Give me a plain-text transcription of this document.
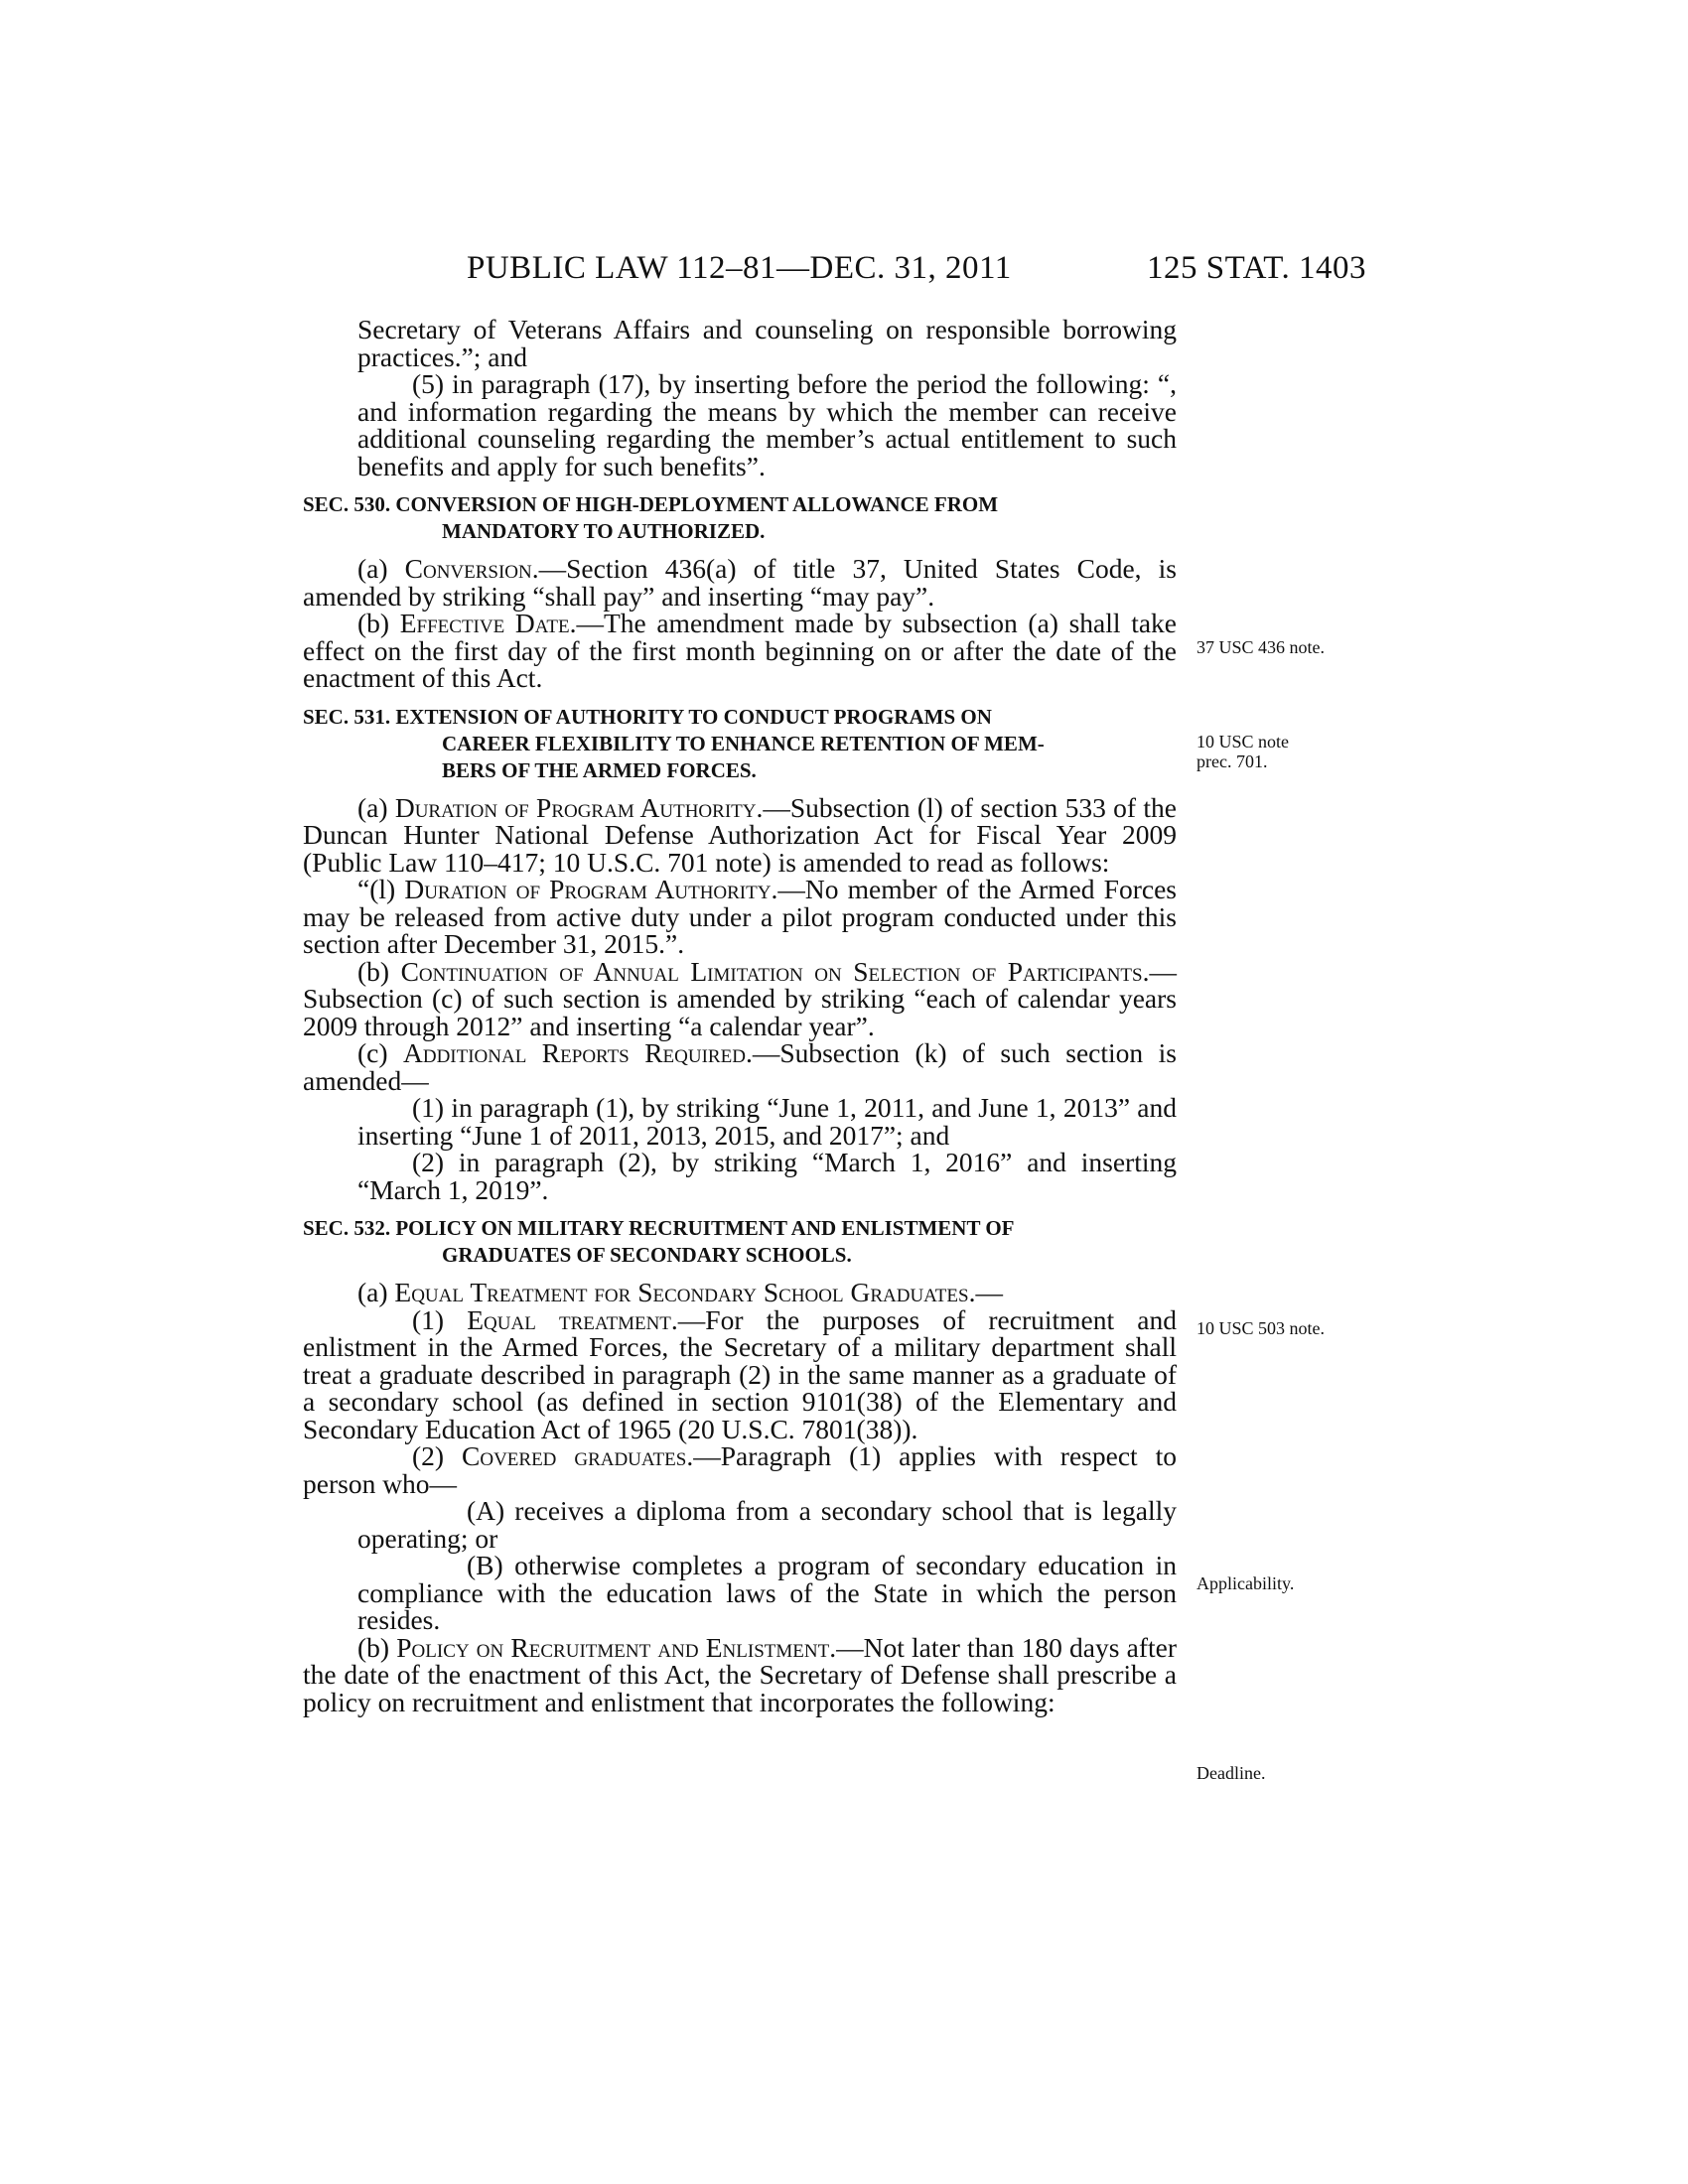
PUBLIC LAW 112–81—DEC. 31, 2011	125 STAT. 1403
37 USC 436 note.
10 USC note
prec. 701.
10 USC 503 note.
Applicability.
Deadline.

Secretary of Veterans Affairs and counseling on responsible borrowing practices.”; and

(5) in paragraph (17), by inserting before the period the following: “, and information regarding the means by which the member can receive additional counseling regarding the member’s actual entitlement to such benefits and apply for such benefits”.

SEC. 530. CONVERSION OF HIGH-DEPLOYMENT ALLOWANCE FROM
MANDATORY TO AUTHORIZED.

(a) Conversion.—Section 436(a) of title 37, United States Code, is amended by striking “shall pay” and inserting “may pay”.

(b) Effective Date.—The amendment made by subsection (a) shall take effect on the first day of the first month beginning on or after the date of the enactment of this Act.

SEC. 531. EXTENSION OF AUTHORITY TO CONDUCT PROGRAMS ON
CAREER FLEXIBILITY TO ENHANCE RETENTION OF MEM-
BERS OF THE ARMED FORCES.

(a) Duration of Program Authority.—Subsection (l) of section 533 of the Duncan Hunter National Defense Authorization Act for Fiscal Year 2009 (Public Law 110–417; 10 U.S.C. 701 note) is amended to read as follows:

“(l) Duration of Program Authority.—No member of the Armed Forces may be released from active duty under a pilot program conducted under this section after December 31, 2015.”.

(b) Continuation of Annual Limitation on Selection of Participants.—Subsection (c) of such section is amended by striking “each of calendar years 2009 through 2012” and inserting “a calendar year”.

(c) Additional Reports Required.—Subsection (k) of such section is amended—

(1) in paragraph (1), by striking “June 1, 2011, and June 1, 2013” and inserting “June 1 of 2011, 2013, 2015, and 2017”; and

(2) in paragraph (2), by striking “March 1, 2016” and inserting “March 1, 2019”.

SEC. 532. POLICY ON MILITARY RECRUITMENT AND ENLISTMENT OF
GRADUATES OF SECONDARY SCHOOLS.

(a) Equal Treatment for Secondary School Graduates.—

(1) Equal treatment.—For the purposes of recruitment and enlistment in the Armed Forces, the Secretary of a military department shall treat a graduate described in paragraph (2) in the same manner as a graduate of a secondary school (as defined in section 9101(38) of the Elementary and Secondary Education Act of 1965 (20 U.S.C. 7801(38)).

(2) Covered graduates.—Paragraph (1) applies with respect to person who—

(A) receives a diploma from a secondary school that is legally operating; or

(B) otherwise completes a program of secondary education in compliance with the education laws of the State in which the person resides.

(b) Policy on Recruitment and Enlistment.—Not later than 180 days after the date of the enactment of this Act, the Secretary of Defense shall prescribe a policy on recruitment and enlistment that incorporates the following:
